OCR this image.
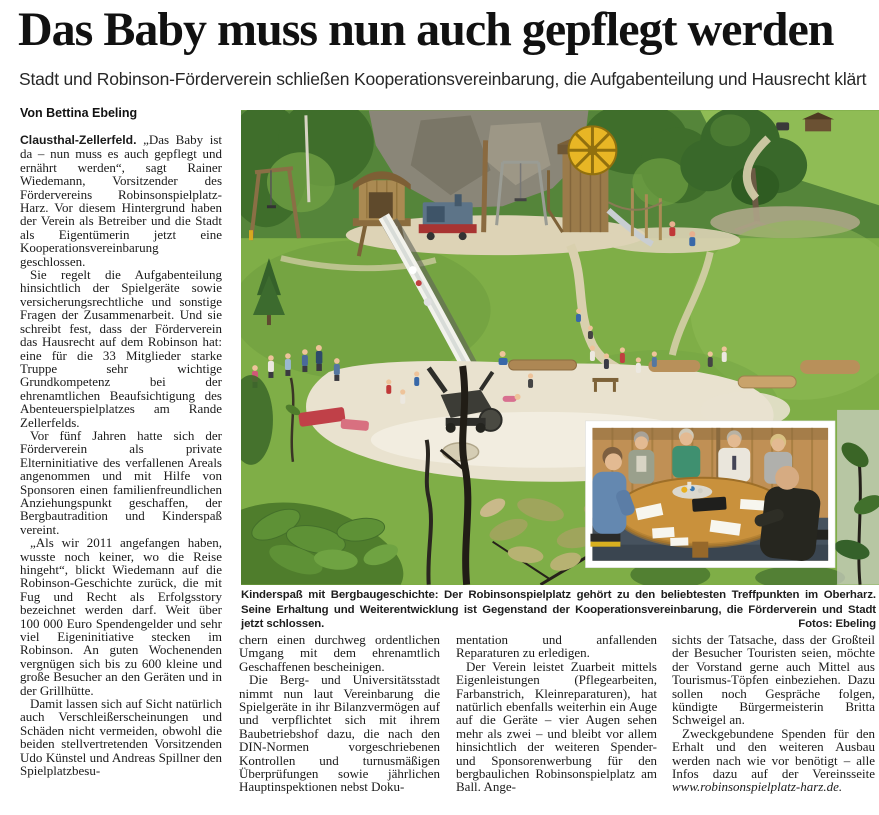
Das Baby muss nun auch gepflegt werden
Stadt und Robinson-Förderverein schließen Kooperationsvereinbarung, die Aufgabenteilung und Hausrecht klärt
Von Bettina Ebeling

Clausthal-Zellerfeld. „Das Baby ist da – nun muss es auch gepflegt und ernährt werden“, sagt Rainer Wiedemann, Vorsitzender des Fördervereins Robinsonspielplatz-Harz. Vor diesem Hintergrund haben der Verein als Betreiber und die Stadt als Eigentümerin jetzt eine Kooperationsvereinbarung geschlossen.

Sie regelt die Aufgabenteilung hinsichtlich der Spielgeräte sowie versicherungsrechtliche und sonstige Fragen der Zusammenarbeit. Und sie schreibt fest, dass der Förderverein das Hausrecht auf dem Robinson hat: eine für die 33 Mitglieder starke Truppe sehr wichtige Grundkompetenz bei der ehrenamtlichen Beaufsichtigung des Abenteuerspielplatzes am Rande Zellerfelds.

Vor fünf Jahren hatte sich der Förderverein als private Elterninitiative des verfallenen Areals angenommen und mit Hilfe von Sponsoren einen familienfreundlichen Anziehungspunkt geschaffen, der Bergbautradition und Kinderspaß vereint.

„Als wir 2011 angefangen haben, wusste noch keiner, wo die Reise hingeht“, blickt Wiedemann auf die Robinson-Geschichte zurück, die mit Fug und Recht als Erfolgsstory bezeichnet werden darf. Weit über 100 000 Euro Spendengelder und sehr viel Eigeninitiative stecken im Robinson. An guten Wochenenden vergnügen sich bis zu 600 kleine und große Besucher an den Geräten und in der Grillhütte.

Damit lassen sich auf Sicht natürlich auch Verschleißerscheinungen und Schäden nicht vermeiden, obwohl die beiden stellvertretenden Vorsitzenden Udo Künstel und Andreas Spillner den Spielplatzbesu-

Kinderspaß mit Bergbaugeschichte: Der Robinsonspielplatz gehört zu den beliebtesten Treffpunkten im Oberharz. Seine Erhaltung und Weiterentwicklung ist Gegenstand der Kooperationsvereinbarung, die Förderverein und Stadt jetzt schlossen.	Fotos: Ebeling

chern einen durchweg ordentlichen Umgang mit dem ehrenamtlich Geschaffenen bescheinigen.

Die Berg- und Universitätsstadt nimmt nun laut Vereinbarung die Spielgeräte in ihr Bilanzvermögen auf und verpflichtet sich mit ihrem Baubetriebshof dazu, die nach den DIN-Normen vorgeschriebenen Kontrollen und turnusmäßigen Überprüfungen sowie jährlichen Hauptinspektionen nebst Doku-

mentation und anfallenden Reparaturen zu erledigen.

Der Verein leistet Zuarbeit mittels Eigenleistungen (Pflegearbeiten, Farbanstrich, Kleinreparaturen), hat natürlich ebenfalls weiterhin ein Auge auf die Geräte – vier Augen sehen mehr als zwei – und bleibt vor allem hinsichtlich der weiteren Spender- und Sponsorenwerbung für den bergbaulichen Robinsonspielplatz am Ball. Ange-

sichts der Tatsache, dass der Großteil der Besucher Touristen seien, möchte der Vorstand gerne auch Mittel aus Tourismus-Töpfen einbeziehen. Dazu sollen noch Gespräche folgen, kündigte Bürgermeisterin Britta Schweigel an.

Zweckgebundene Spenden für den Erhalt und den weiteren Ausbau werden nach wie vor benötigt – alle Infos dazu auf der Vereinsseite www.robinsonspielplatz-harz.de.
